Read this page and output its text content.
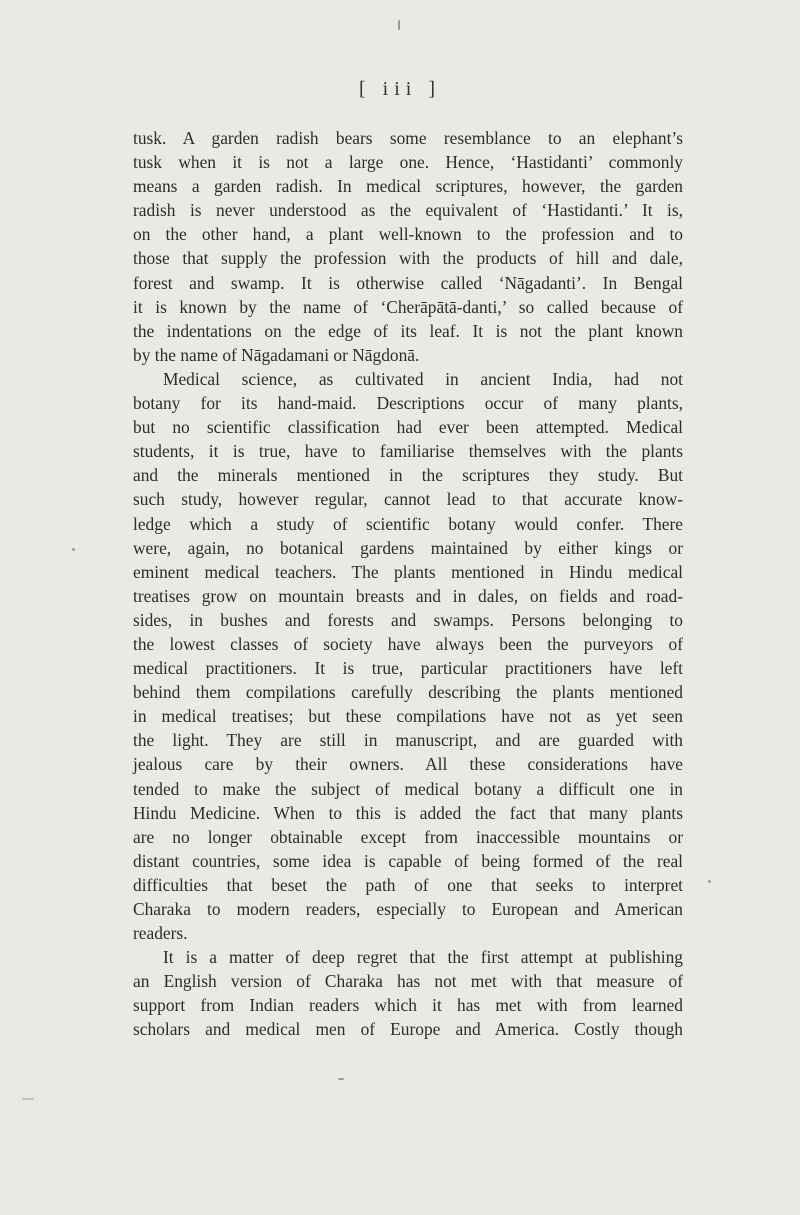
[ iii ]
tusk. A garden radish bears some resemblance to an elephant’s
tusk when it is not a large one. Hence, ‘Hastidanti’ commonly
means a garden radish. In medical scriptures, however, the garden
radish is never understood as the equivalent of ‘Hastidanti.’ It is,
on the other hand, a plant well-known to the profession and to
those that supply the profession with the products of hill and dale,
forest and swamp. It is otherwise called ‘Nāgadanti’. In Bengal
it is known by the name of ‘Cherāpātā-danti,’ so called because of
the indentations on the edge of its leaf. It is not the plant known
by the name of Nāgadamani or Nāgdonā.
Medical science, as cultivated in ancient India, had not
botany for its hand-maid. Descriptions occur of many plants,
but no scientific classification had ever been attempted. Medical
students, it is true, have to familiarise themselves with the plants
and the minerals mentioned in the scriptures they study. But
such study, however regular, cannot lead to that accurate know-
ledge which a study of scientific botany would confer. There
were, again, no botanical gardens maintained by either kings or
eminent medical teachers. The plants mentioned in Hindu medical
treatises grow on mountain breasts and in dales, on fields and road-
sides, in bushes and forests and swamps. Persons belonging to
the lowest classes of society have always been the purveyors of
medical practitioners. It is true, particular practitioners have left
behind them compilations carefully describing the plants mentioned
in medical treatises; but these compilations have not as yet seen
the light. They are still in manuscript, and are guarded with
jealous care by their owners. All these considerations have
tended to make the subject of medical botany a difficult one in
Hindu Medicine. When to this is added the fact that many plants
are no longer obtainable except from inaccessible mountains or
distant countries, some idea is capable of being formed of the real
difficulties that beset the path of one that seeks to interpret
Charaka to modern readers, especially to European and American
readers.
It is a matter of deep regret that the first attempt at publishing
an English version of Charaka has not met with that measure of
support from Indian readers which it has met with from learned
scholars and medical men of Europe and America. Costly though
